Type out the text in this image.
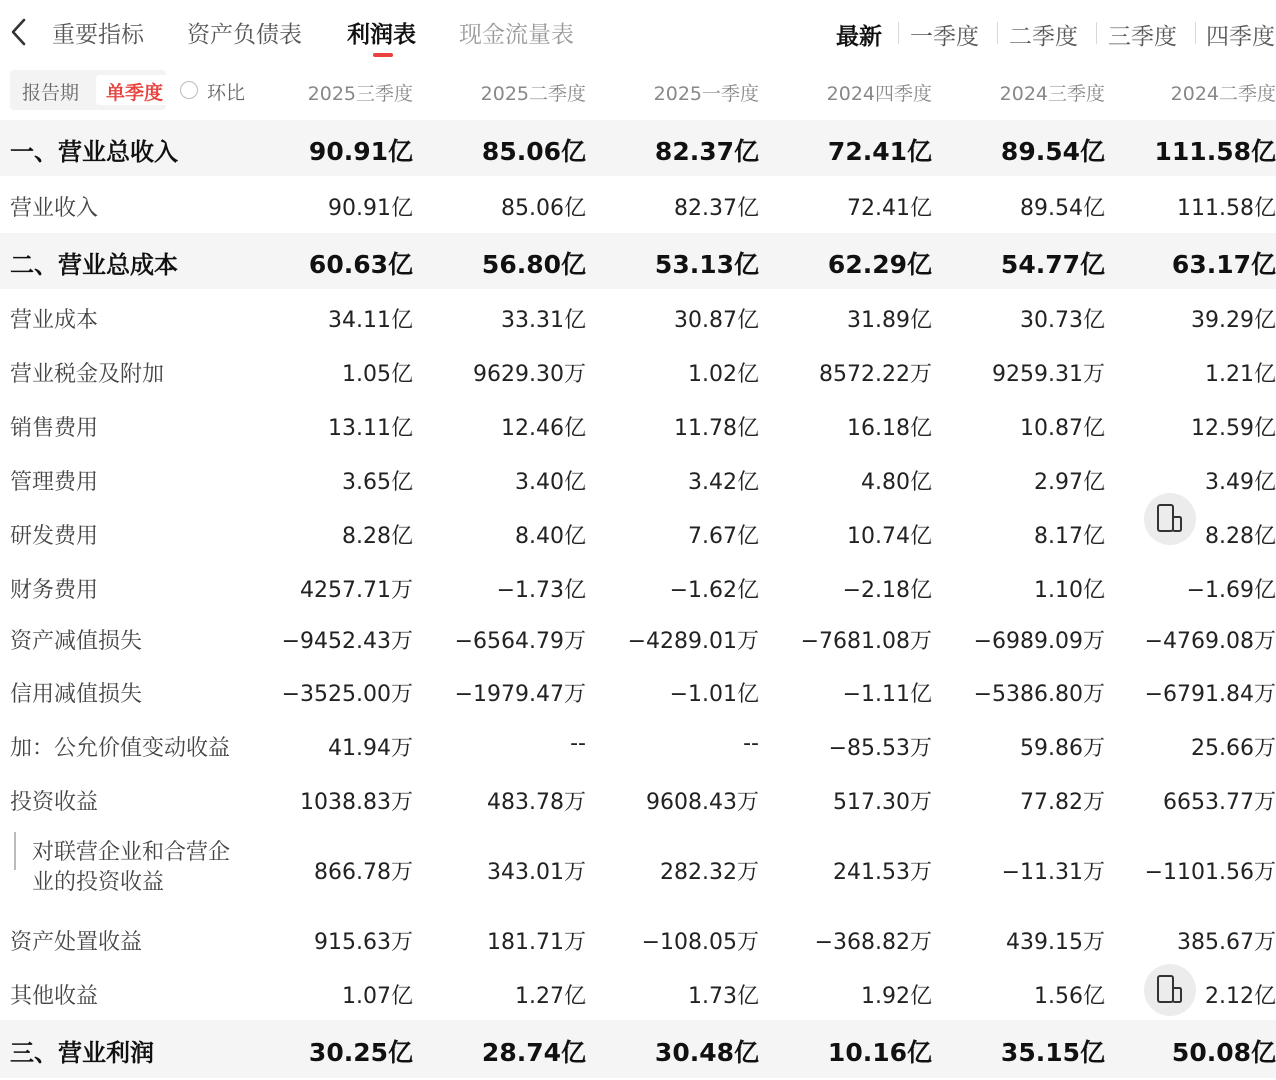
重要指标 资产负债表 利润表 现金流量表	最新 一季度 二季度 三季度 四季度
报告期 单季度 环比	2025三季度	2025二季度	2025一季度	2024四季度	2024三季度	2024二季度
一、营业总收入	90.91亿	85.06亿	82.37亿	72.41亿	89.54亿 111.58亿
营业收入	90.91亿	85.06亿	82.37亿	72.41亿	89.54亿	111.58亿
二、营业总成本	60.63亿	56.80亿	53.13亿	62.29亿	54.77亿	63.17亿
营业成本	34.11亿	33.31亿	30.87亿	31.89亿	30.73亿	39.29亿
营业税金及附加	1.05亿	9629.30万	1.02亿	8572.22万	9259.31万	1.21亿
销售费用	13.11亿	12.46亿	11.78亿	16.18亿	10.87亿	12.59亿
管理费用	3.65亿	3.40亿	3.42亿	4.80亿	2.97亿	3.49亿
研发费用	8.28亿	8.40亿	7.67亿	10.74亿	8.17亿	8.28亿
财务费用	4257.71万	−1.73亿	−1.62亿	−2.18亿	1.10亿	−1.69亿
资产减值损失	−9452.43万 −6564.79万 −4289.01万 −7681.08万 −6989.09万 −4769.08万
信用减值损失	−3525.00万 −1979.47万	−1.01亿	−1.11亿 −5386.80万 −6791.84万
加：公允价值变动收益	41.94万	--	--	−85.53万	59.86万	25.66万
投资收益	1038.83万	483.78万	9608.43万	517.30万	77.82万	6653.77万
对联营企业和合营企
业的投资收益	866.78万	343.01万	282.32万	241.53万	−11.31万 −1101.56万
资产处置收益	915.63万	181.71万	−108.05万	−368.82万	439.15万	385.67万
其他收益	1.07亿	1.27亿	1.73亿	1.92亿	1.56亿	2.12亿
三、营业利润	30.25亿	28.74亿	30.48亿	10.16亿	35.15亿	50.08亿
